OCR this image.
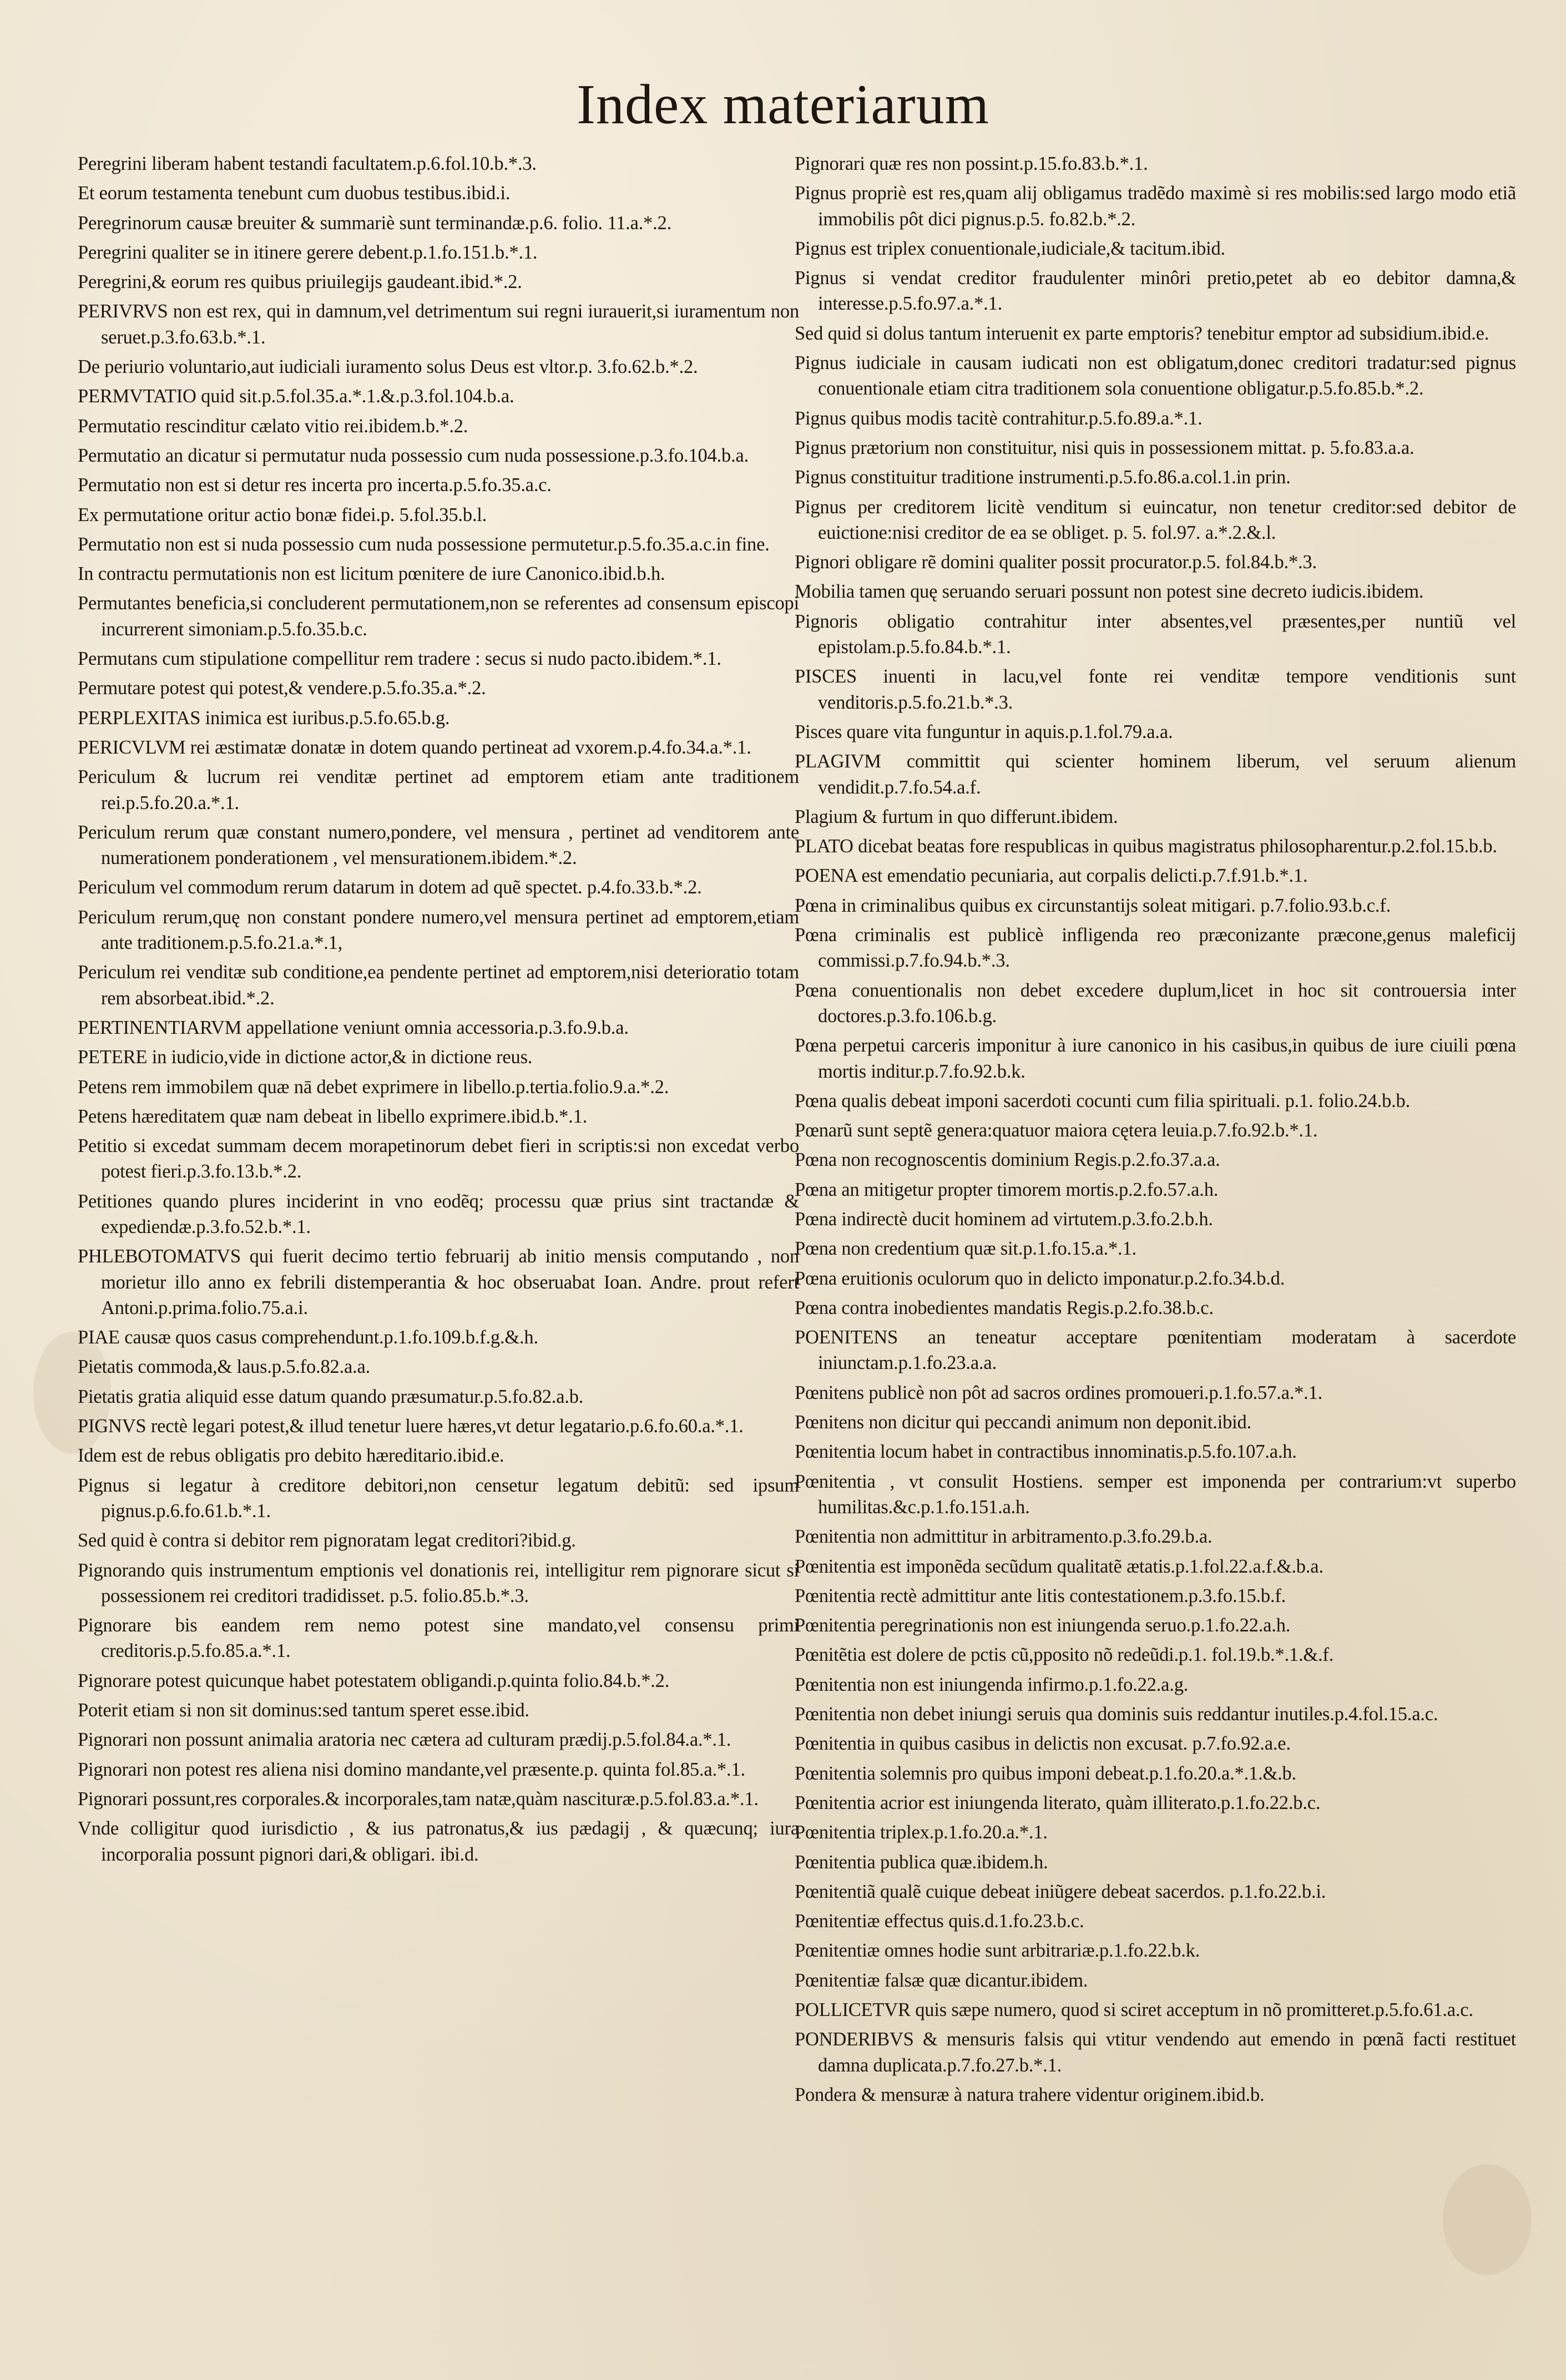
Index materiarum

Peregrini liberam habent testandi facultatem.p.6.fol.10.b.*.3.

Et eorum testamenta tenebunt cum duobus testibus.ibid.i.

Peregrinorum causæ breuiter & summariè sunt terminandæ.p.6. folio. 11.a.*.2.

Peregrini qualiter se in itinere gerere debent.p.1.fo.151.b.*.1.

Peregrini,& eorum res quibus priuilegijs gaudeant.ibid.*.2.

PERIVRVS non est rex, qui in damnum,vel detrimentum sui regni iurauerit,si iuramentum non seruet.p.3.fo.63.b.*.1.

De periurio voluntario,aut iudiciali iuramento solus Deus est vltor.p. 3.fo.62.b.*.2.

PERMVTATIO quid sit.p.5.fol.35.a.*.1.&.p.3.fol.104.b.a.

Permutatio rescinditur cælato vitio rei.ibidem.b.*.2.

Permutatio an dicatur si permutatur nuda possessio cum nuda possessione.p.3.fo.104.b.a.

Permutatio non est si detur res incerta pro incerta.p.5.fo.35.a.c.

Ex permutatione oritur actio bonæ fidei.p. 5.fol.35.b.l.

Permutatio non est si nuda possessio cum nuda possessione permutetur.p.5.fo.35.a.c.in fine.

In contractu permutationis non est licitum pœnitere de iure Canonico.ibid.b.h.

Permutantes beneficia,si concluderent permutationem,non se referentes ad consensum episcopi incurrerent simoniam.p.5.fo.35.b.c.

Permutans cum stipulatione compellitur rem tradere : secus si nudo pacto.ibidem.*.1.

Permutare potest qui potest,& vendere.p.5.fo.35.a.*.2.

PERPLEXITAS inimica est iuribus.p.5.fo.65.b.g.

PERICVLVM rei æstimatæ donatæ in dotem quando pertineat ad vxorem.p.4.fo.34.a.*.1.

Periculum & lucrum rei venditæ pertinet ad emptorem etiam ante traditionem rei.p.5.fo.20.a.*.1.

Periculum rerum quæ constant numero,pondere, vel mensura , pertinet ad venditorem ante numerationem ponderationem , vel mensurationem.ibidem.*.2.

Periculum vel commodum rerum datarum in dotem ad quẽ spectet. p.4.fo.33.b.*.2.

Periculum rerum,quę non constant pondere numero,vel mensura pertinet ad emptorem,etiam ante traditionem.p.5.fo.21.a.*.1,

Periculum rei venditæ sub conditione,ea pendente pertinet ad emptorem,nisi deterioratio totam rem absorbeat.ibid.*.2.

PERTINENTIARVM appellatione veniunt omnia accessoria.p.3.fo.9.b.a.

PETERE in iudicio,vide in dictione actor,& in dictione reus.

Petens rem immobilem quæ nā debet exprimere in libello.p.tertia.folio.9.a.*.2.

Petens hæreditatem quæ nam debeat in libello exprimere.ibid.b.*.1.

Petitio si excedat summam decem morapetinorum debet fieri in scriptis:si non excedat verbo potest fieri.p.3.fo.13.b.*.2.

Petitiones quando plures inciderint in vno eodẽq; processu quæ prius sint tractandæ & expediendæ.p.3.fo.52.b.*.1.

PHLEBOTOMATVS qui fuerit decimo tertio februarij ab initio mensis computando , non morietur illo anno ex febrili distemperantia & hoc obseruabat Ioan. Andre. prout refert Antoni.p.prima.folio.75.a.i.

PIAE causæ quos casus comprehendunt.p.1.fo.109.b.f.g.&.h.

Pietatis commoda,& laus.p.5.fo.82.a.a.

Pietatis gratia aliquid esse datum quando præsumatur.p.5.fo.82.a.b.

PIGNVS rectè legari potest,& illud tenetur luere hæres,vt detur legatario.p.6.fo.60.a.*.1.

Idem est de rebus obligatis pro debito hæreditario.ibid.e.

Pignus si legatur à creditore debitori,non censetur legatum debitũ: sed ipsum pignus.p.6.fo.61.b.*.1.

Sed quid è contra si debitor rem pignoratam legat creditori?ibid.g.

Pignorando quis instrumentum emptionis vel donationis rei, intelligitur rem pignorare sicut si possessionem rei creditori tradidisset. p.5. folio.85.b.*.3.

Pignorare bis eandem rem nemo potest sine mandato,vel consensu primi creditoris.p.5.fo.85.a.*.1.

Pignorare potest quicunque habet potestatem obligandi.p.quinta folio.84.b.*.2.

Poterit etiam si non sit dominus:sed tantum speret esse.ibid.

Pignorari non possunt animalia aratoria nec cætera ad culturam prædij.p.5.fol.84.a.*.1.

Pignorari non potest res aliena nisi domino mandante,vel præsente.p. quinta fol.85.a.*.1.

Pignorari possunt,res corporales.& incorporales,tam natæ,quàm nascituræ.p.5.fol.83.a.*.1.

Vnde colligitur quod iurisdictio , & ius patronatus,& ius pædagij , & quæcunq; iura incorporalia possunt pignori dari,& obligari. ibi.d.

Pignorari quæ res non possint.p.15.fo.83.b.*.1.

Pignus propriè est res,quam alij obligamus tradẽdo maximè si res mobilis:sed largo modo etiã immobilis pôt dici pignus.p.5. fo.82.b.*.2.

Pignus est triplex conuentionale,iudiciale,& tacitum.ibid.

Pignus si vendat creditor fraudulenter minôri pretio,petet ab eo debitor damna,& interesse.p.5.fo.97.a.*.1.

Sed quid si dolus tantum interuenit ex parte emptoris? tenebitur emptor ad subsidium.ibid.e.

Pignus iudiciale in causam iudicati non est obligatum,donec creditori tradatur:sed pignus conuentionale etiam citra traditionem sola conuentione obligatur.p.5.fo.85.b.*.2.

Pignus quibus modis tacitè contrahitur.p.5.fo.89.a.*.1.

Pignus prætorium non constituitur, nisi quis in possessionem mittat. p. 5.fo.83.a.a.

Pignus constituitur traditione instrumenti.p.5.fo.86.a.col.1.in prin.

Pignus per creditorem licitè venditum si euincatur, non tenetur creditor:sed debitor de euictione:nisi creditor de ea se obliget. p. 5. fol.97. a.*.2.&.l.

Pignori obligare rẽ domini qualiter possit procurator.p.5. fol.84.b.*.3.

Mobilia tamen quę seruando seruari possunt non potest sine decreto iudicis.ibidem.

Pignoris obligatio contrahitur inter absentes,vel præsentes,per nuntiũ vel epistolam.p.5.fo.84.b.*.1.

PISCES inuenti in lacu,vel fonte rei venditæ tempore venditionis sunt venditoris.p.5.fo.21.b.*.3.

Pisces quare vita funguntur in aquis.p.1.fol.79.a.a.

PLAGIVM committit qui scienter hominem liberum, vel seruum alienum vendidit.p.7.fo.54.a.f.

Plagium & furtum in quo differunt.ibidem.

PLATO dicebat beatas fore respublicas in quibus magistratus philosopharentur.p.2.fol.15.b.b.

POENA est emendatio pecuniaria, aut corpalis delicti.p.7.f.91.b.*.1.

Pœna in criminalibus quibus ex circunstantijs soleat mitigari. p.7.folio.93.b.c.f.

Pœna criminalis est publicè infligenda reo præconizante præcone,genus maleficij commissi.p.7.fo.94.b.*.3.

Pœna conuentionalis non debet excedere duplum,licet in hoc sit controuersia inter doctores.p.3.fo.106.b.g.

Pœna perpetui carceris imponitur à iure canonico in his casibus,in quibus de iure ciuili pœna mortis inditur.p.7.fo.92.b.k.

Pœna qualis debeat imponi sacerdoti cocunti cum filia spirituali. p.1. folio.24.b.b.

Pœnarũ sunt septẽ genera:quatuor maiora cętera leuia.p.7.fo.92.b.*.1.

Pœna non recognoscentis dominium Regis.p.2.fo.37.a.a.

Pœna an mitigetur propter timorem mortis.p.2.fo.57.a.h.

Pœna indirectè ducit hominem ad virtutem.p.3.fo.2.b.h.

Pœna non credentium quæ sit.p.1.fo.15.a.*.1.

Pœna eruitionis oculorum quo in delicto imponatur.p.2.fo.34.b.d.

Pœna contra inobedientes mandatis Regis.p.2.fo.38.b.c.

POENITENS an teneatur acceptare pœnitentiam moderatam à sacerdote iniunctam.p.1.fo.23.a.a.

Pœnitens publicè non pôt ad sacros ordines promoueri.p.1.fo.57.a.*.1.

Pœnitens non dicitur qui peccandi animum non deponit.ibid.

Pœnitentia locum habet in contractibus innominatis.p.5.fo.107.a.h.

Pœnitentia , vt consulit Hostiens. semper est imponenda per contrarium:vt superbo humilitas.&c.p.1.fo.151.a.h.

Pœnitentia non admittitur in arbitramento.p.3.fo.29.b.a.

Pœnitentia est imponẽda secũdum qualitatẽ ætatis.p.1.fol.22.a.f.&.b.a.

Pœnitentia rectè admittitur ante litis contestationem.p.3.fo.15.b.f.

Pœnitentia peregrinationis non est iniungenda seruo.p.1.fo.22.a.h.

Pœnitẽtia est dolere de pctis cũ,pposito nõ redeũdi.p.1. fol.19.b.*.1.&.f.

Pœnitentia non est iniungenda infirmo.p.1.fo.22.a.g.

Pœnitentia non debet iniungi seruis qua dominis suis reddantur inutiles.p.4.fol.15.a.c.

Pœnitentia in quibus casibus in delictis non excusat. p.7.fo.92.a.e.

Pœnitentia solemnis pro quibus imponi debeat.p.1.fo.20.a.*.1.&.b.

Pœnitentia acrior est iniungenda literato, quàm illiterato.p.1.fo.22.b.c.

Pœnitentia triplex.p.1.fo.20.a.*.1.

Pœnitentia publica quæ.ibidem.h.

Pœnitentiã qualẽ cuique debeat iniũgere debeat sacerdos. p.1.fo.22.b.i.

Pœnitentiæ effectus quis.d.1.fo.23.b.c.

Pœnitentiæ omnes hodie sunt arbitrariæ.p.1.fo.22.b.k.

Pœnitentiæ falsæ quæ dicantur.ibidem.

POLLICETVR quis sæpe numero, quod si sciret acceptum in nõ promitteret.p.5.fo.61.a.c.

PONDERIBVS & mensuris falsis qui vtitur vendendo aut emendo in pœnã facti restituet damna duplicata.p.7.fo.27.b.*.1.

Pondera & mensuræ à natura trahere videntur originem.ibid.b.
